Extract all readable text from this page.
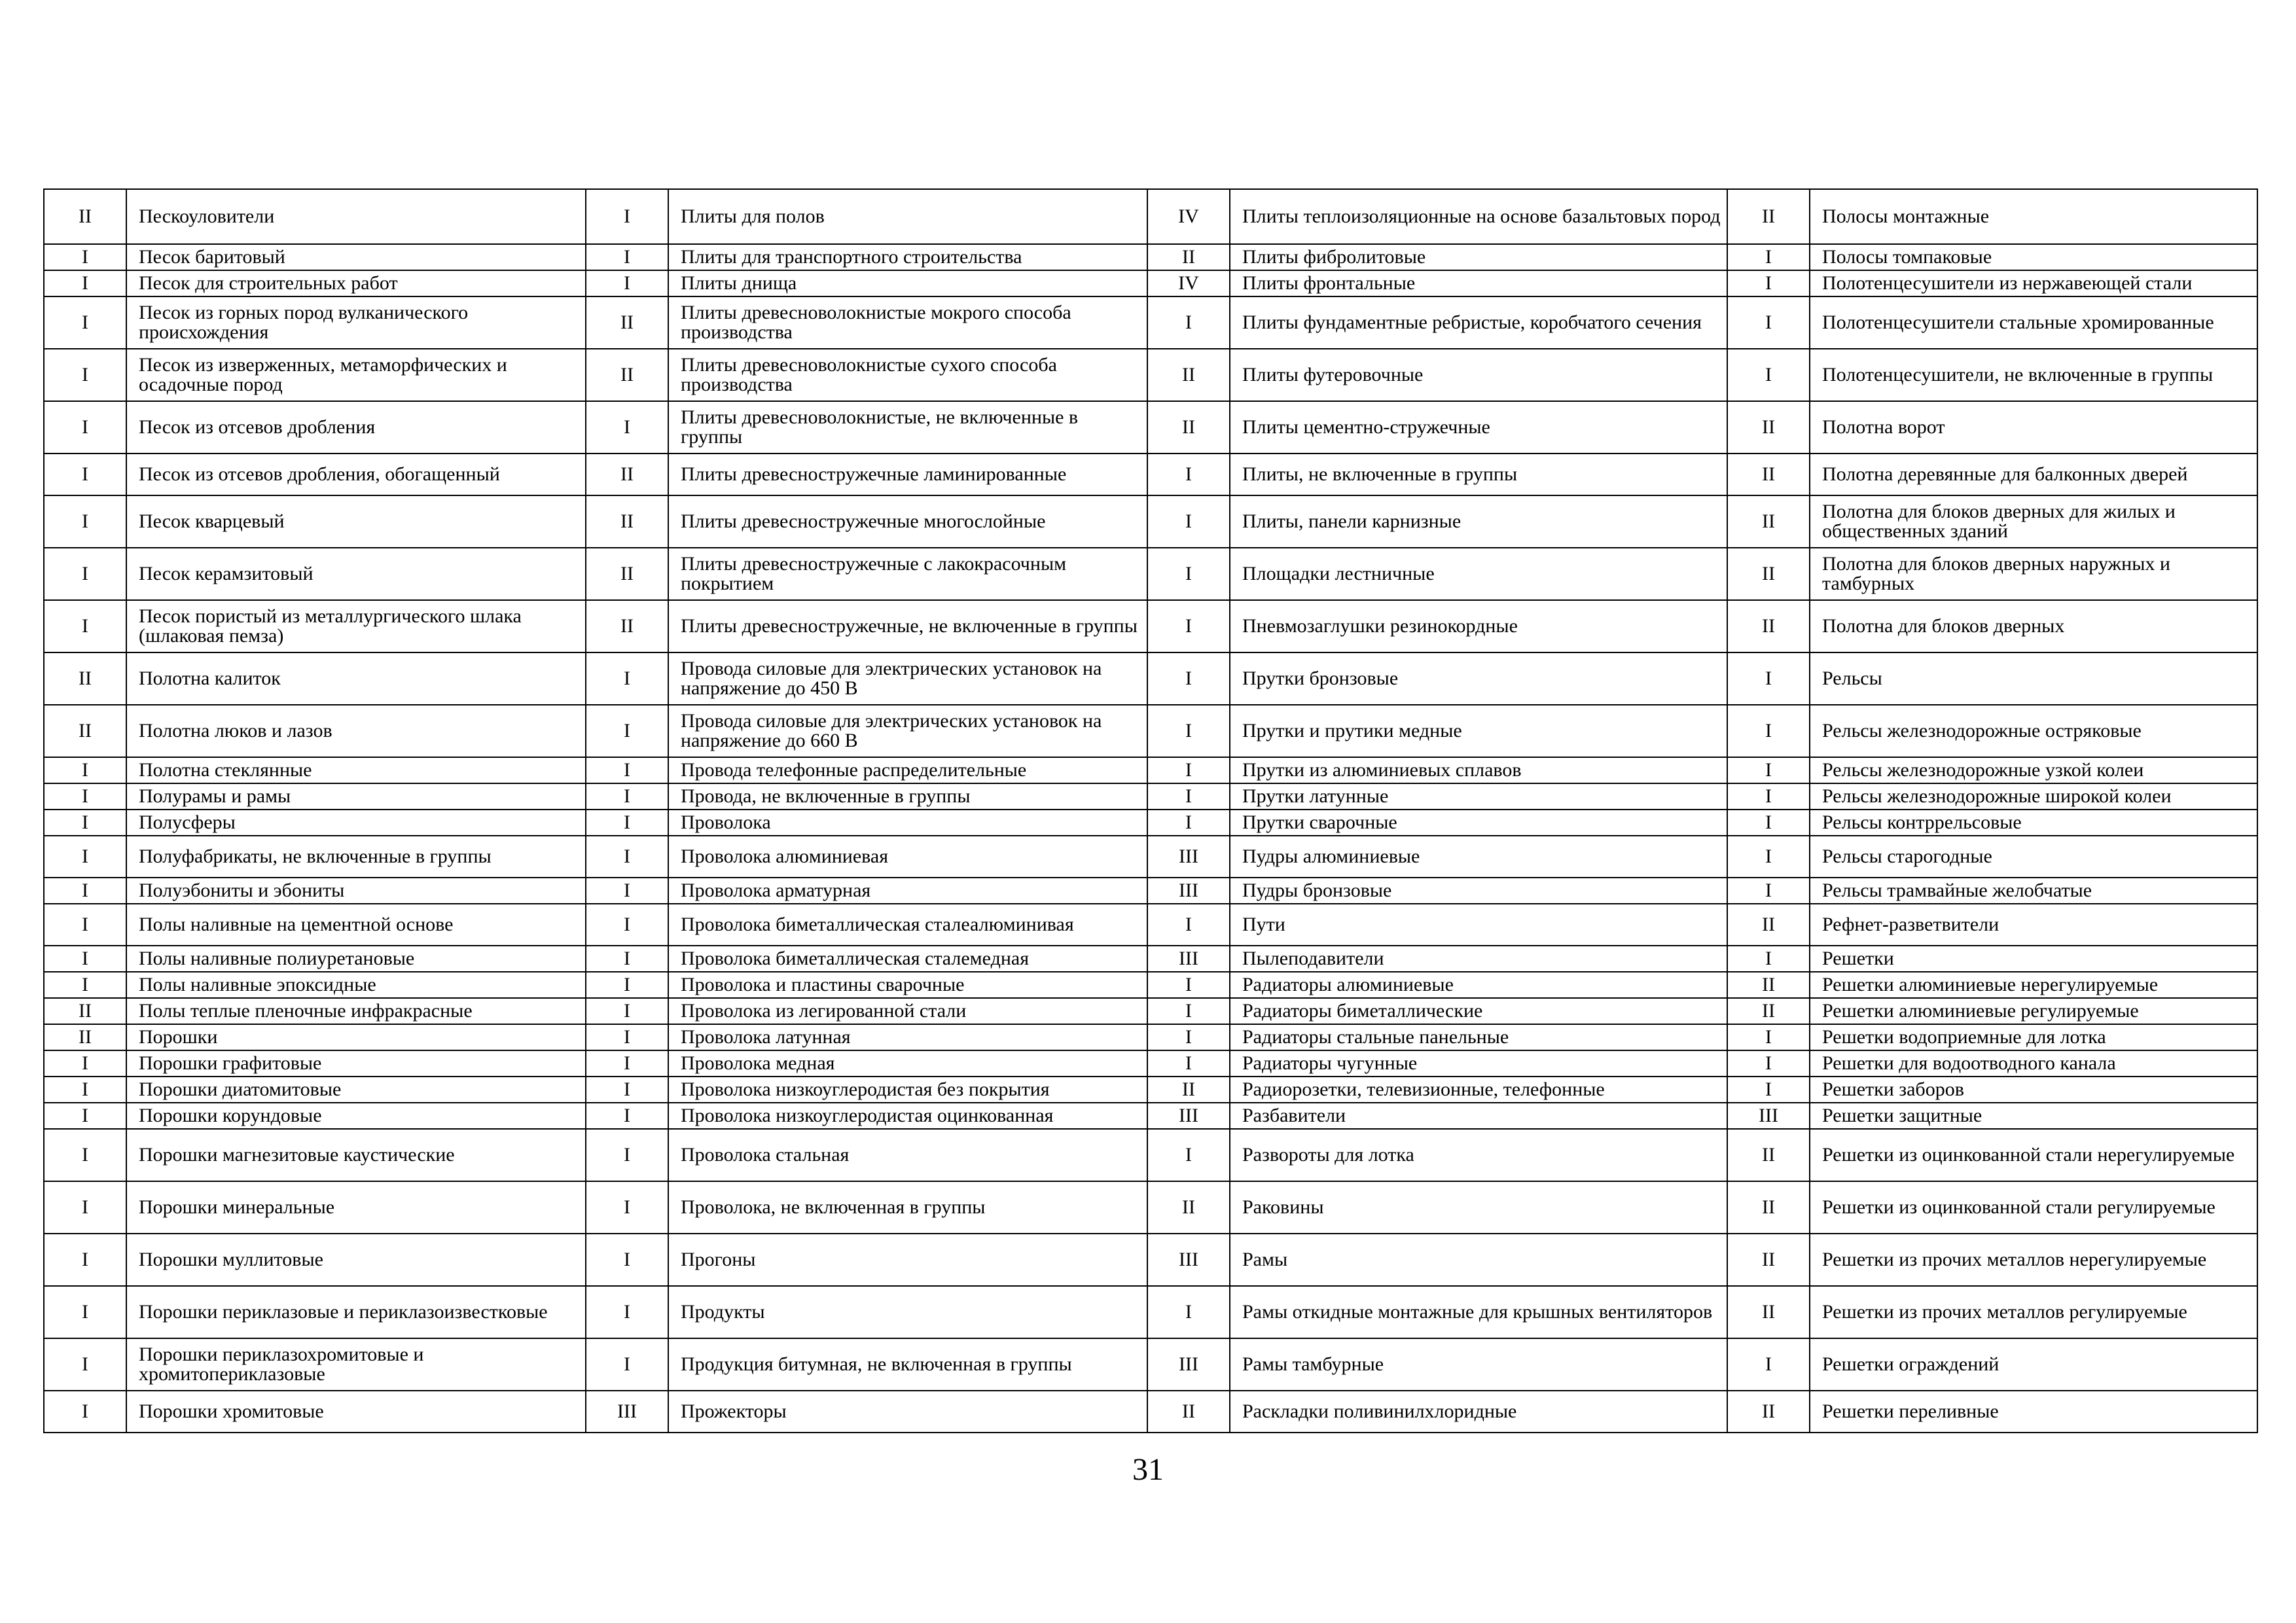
II	Пескоуловители	I	Плиты для полов	IV	Плиты теплоизоляционные на основе базальтовых пород	II	Полосы монтажные
I	Песок баритовый	I	Плиты для транспортного строительства	II	Плиты фибролитовые	I	Полосы томпаковые
I	Песок для строительных работ	I	Плиты днища	IV	Плиты фронтальные	I	Полотенцесушители из нержавеющей стали
I	Песок из горных пород вулканического происхождения	II	Плиты древесноволокнистые мокрого способа производства	I	Плиты фундаментные ребристые, коробчатого сечения	I	Полотенцесушители стальные хромированные
I	Песок из изверженных, метаморфических и осадочные пород	II	Плиты древесноволокнистые сухого способа производства	II	Плиты футеровочные	I	Полотенцесушители, не включенные в группы
I	Песок из отсевов дробления	I	Плиты древесноволокнистые, не включенные в группы	II	Плиты цементно-стружечные	II	Полотна ворот
I	Песок из отсевов дробления, обогащенный	II	Плиты древесностружечные ламинированные	I	Плиты, не включенные в группы	II	Полотна деревянные для балконных дверей
I	Песок кварцевый	II	Плиты древесностружечные многослойные	I	Плиты, панели карнизные	II	Полотна для блоков дверных для жилых и общественных зданий
I	Песок керамзитовый	II	Плиты древесностружечные с лакокрасочным покрытием	I	Площадки лестничные	II	Полотна для блоков дверных наружных и тамбурных
I	Песок пористый из металлургического шлака (шлаковая пемза)	II	Плиты древесностружечные, не включенные в группы	I	Пневмозаглушки резинокордные	II	Полотна для блоков дверных
II	Полотна калиток	I	Провода силовые для электрических установок на напряжение до 450 В	I	Прутки бронзовые	I	Рельсы
II	Полотна люков и лазов	I	Провода силовые для электрических установок на напряжение до 660 В	I	Прутки и прутики медные	I	Рельсы железнодорожные остряковые
I	Полотна стеклянные	I	Провода телефонные распределительные	I	Прутки из алюминиевых сплавов	I	Рельсы железнодорожные узкой колеи
I	Полурамы и рамы	I	Провода, не включенные в группы	I	Прутки латунные	I	Рельсы железнодорожные широкой колеи
I	Полусферы	I	Проволока	I	Прутки сварочные	I	Рельсы контррельсовые
I	Полуфабрикаты, не включенные в группы	I	Проволока алюминиевая	III	Пудры алюминиевые	I	Рельсы старогодные
I	Полуэбониты и эбониты	I	Проволока арматурная	III	Пудры бронзовые	I	Рельсы трамвайные желобчатые
I	Полы наливные на цементной основе	I	Проволока биметаллическая сталеалюминивая	I	Пути	II	Рефнет-разветвители
I	Полы наливные полиуретановые	I	Проволока биметаллическая сталемедная	III	Пылеподавители	I	Решетки
I	Полы наливные эпоксидные	I	Проволока и пластины сварочные	I	Радиаторы алюминиевые	II	Решетки алюминиевые нерегулируемые
II	Полы теплые пленочные инфракрасные	I	Проволока из легированной стали	I	Радиаторы биметаллические	II	Решетки алюминиевые регулируемые
II	Порошки	I	Проволока латунная	I	Радиаторы стальные панельные	I	Решетки водоприемные для лотка
I	Порошки графитовые	I	Проволока медная	I	Радиаторы чугунные	I	Решетки для водоотводного канала
I	Порошки диатомитовые	I	Проволока низкоуглеродистая без покрытия	II	Радиорозетки, телевизионные, телефонные	I	Решетки заборов
I	Порошки корундовые	I	Проволока низкоуглеродистая оцинкованная	III	Разбавители	III	Решетки защитные
I	Порошки магнезитовые каустические	I	Проволока стальная	I	Развороты для лотка	II	Решетки из оцинкованной стали нерегулируемые
I	Порошки минеральные	I	Проволока, не включенная в группы	II	Раковины	II	Решетки из оцинкованной стали регулируемые
I	Порошки муллитовые	I	Прогоны	III	Рамы	II	Решетки из прочих металлов нерегулируемые
I	Порошки периклазовые и периклазоизвестковые	I	Продукты	I	Рамы откидные монтажные для крышных вентиляторов	II	Решетки из прочих металлов регулируемые
I	Порошки периклазохромитовые и хромитопериклазовые	I	Продукция битумная, не включенная в группы	III	Рамы тамбурные	I	Решетки ограждений
I	Порошки хромитовые	III	Прожекторы	II	Раскладки поливинилхлоридные	II	Решетки переливные
31
